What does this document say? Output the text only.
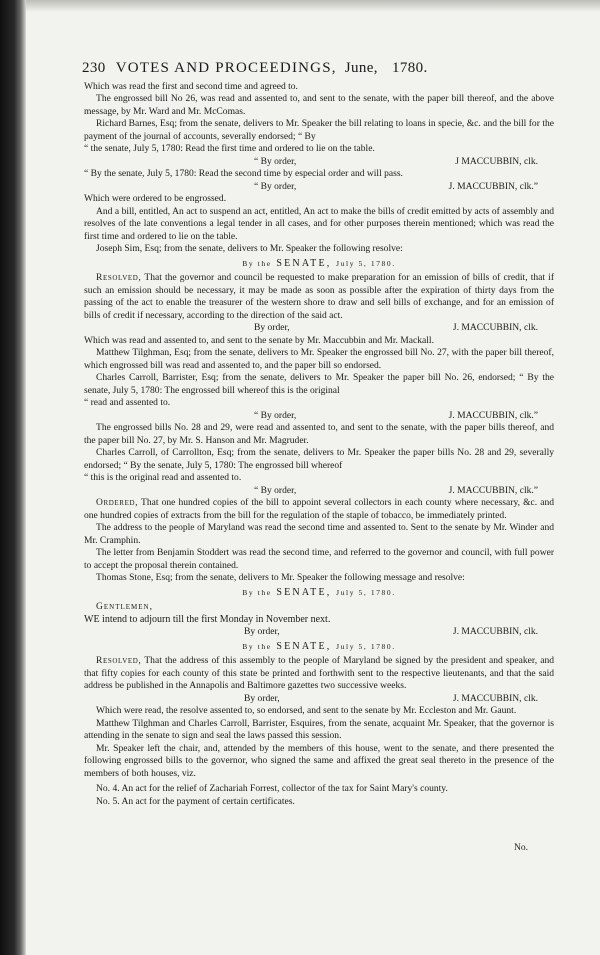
230 VOTES AND PROCEEDINGS, June, 1780.

Which was read the first and second time and agreed to.

The engrossed bill No 26, was read and assented to, and sent to the senate, with the paper bill thereof, and the above message, by Mr. Ward and Mr. McComas.

Richard Barnes, Esq; from the senate, delivers to Mr. Speaker the bill relating to loans in specie, &c. and the bill for the payment of the journal of accounts, severally endorsed; “ By

“ the senate, July 5, 1780: Read the first time and ordered to lie on the table.

“ By order,	J MACCUBBIN, clk.

“ By the senate, July 5, 1780: Read the second time by especial order and will pass.

“ By order,	J. MACCUBBIN, clk.”

Which were ordered to be engrossed.

And a bill, entitled, An act to suspend an act, entitled, An act to make the bills of credit emitted by acts of assembly and resolves of the late conventions a legal tender in all cases, and for other purposes therein mentioned; which was read the first time and ordered to lie on the table.

Joseph Sim, Esq; from the senate, delivers to Mr. Speaker the following resolve:

By the SENATE, July 5, 1780.

Resolved, That the governor and council be requested to make preparation for an emission of bills of credit, that if such an emission should be necessary, it may be made as soon as possible after the expiration of thirty days from the passing of the act to enable the treasurer of the western shore to draw and sell bills of exchange, and for an emission of bills of credit if necessary, according to the direction of the said act.

By order,	J. MACCUBBIN, clk.

Which was read and assented to, and sent to the senate by Mr. Maccubbin and Mr. Mackall.

Matthew Tilghman, Esq; from the senate, delivers to Mr. Speaker the engrossed bill No. 27, with the paper bill thereof, which engrossed bill was read and assented to, and the paper bill so endorsed.

Charles Carroll, Barrister, Esq; from the senate, delivers to Mr. Speaker the paper bill No. 26, endorsed; “ By the senate, July 5, 1780: The engrossed bill whereof this is the original

“ read and assented to.

“ By order,	J. MACCUBBIN, clk.”

The engrossed bills No. 28 and 29, were read and assented to, and sent to the senate, with the paper bills thereof, and the paper bill No. 27, by Mr. S. Hanson and Mr. Magruder.

Charles Carroll, of Carrollton, Esq; from the senate, delivers to Mr. Speaker the paper bills No. 28 and 29, severally endorsed; “ By the senate, July 5, 1780: The engrossed bill whereof

“ this is the original read and assented to.

“ By order,	J. MACCUBBIN, clk.”

Ordered, That one hundred copies of the bill to appoint several collectors in each county where necessary, &c. and one hundred copies of extracts from the bill for the regulation of the staple of tobacco, be immediately printed.

The address to the people of Maryland was read the second time and assented to. Sent to the senate by Mr. Winder and Mr. Cramphin.

The letter from Benjamin Stoddert was read the second time, and referred to the governor and council, with full power to accept the proposal therein contained.

Thomas Stone, Esq; from the senate, delivers to Mr. Speaker the following message and resolve:

By the SENATE, July 5, 1780.

Gentlemen,

WE intend to adjourn till the first Monday in November next.

By order,	J. MACCUBBIN, clk.

By the SENATE, July 5, 1780.

Resolved, That the address of this assembly to the people of Maryland be signed by the president and speaker, and that fifty copies for each county of this state be printed and forthwith sent to the respective lieutenants, and that the said address be published in the Annapolis and Baltimore gazettes two successive weeks.

By order,	J. MACCUBBIN, clk.

Which were read, the resolve assented to, so endorsed, and sent to the senate by Mr. Eccleston and Mr. Gaunt.

Matthew Tilghman and Charles Carroll, Barrister, Esquires, from the senate, acquaint Mr. Speaker, that the governor is attending in the senate to sign and seal the laws passed this session.

Mr. Speaker left the chair, and, attended by the members of this house, went to the senate, and there presented the following engrossed bills to the governor, who signed the same and affixed the great seal thereto in the presence of the members of both houses, viz.

No. 4. An act for the relief of Zachariah Forrest, collector of the tax for Saint Mary's county.

No. 5. An act for the payment of certain certificates.

No.
